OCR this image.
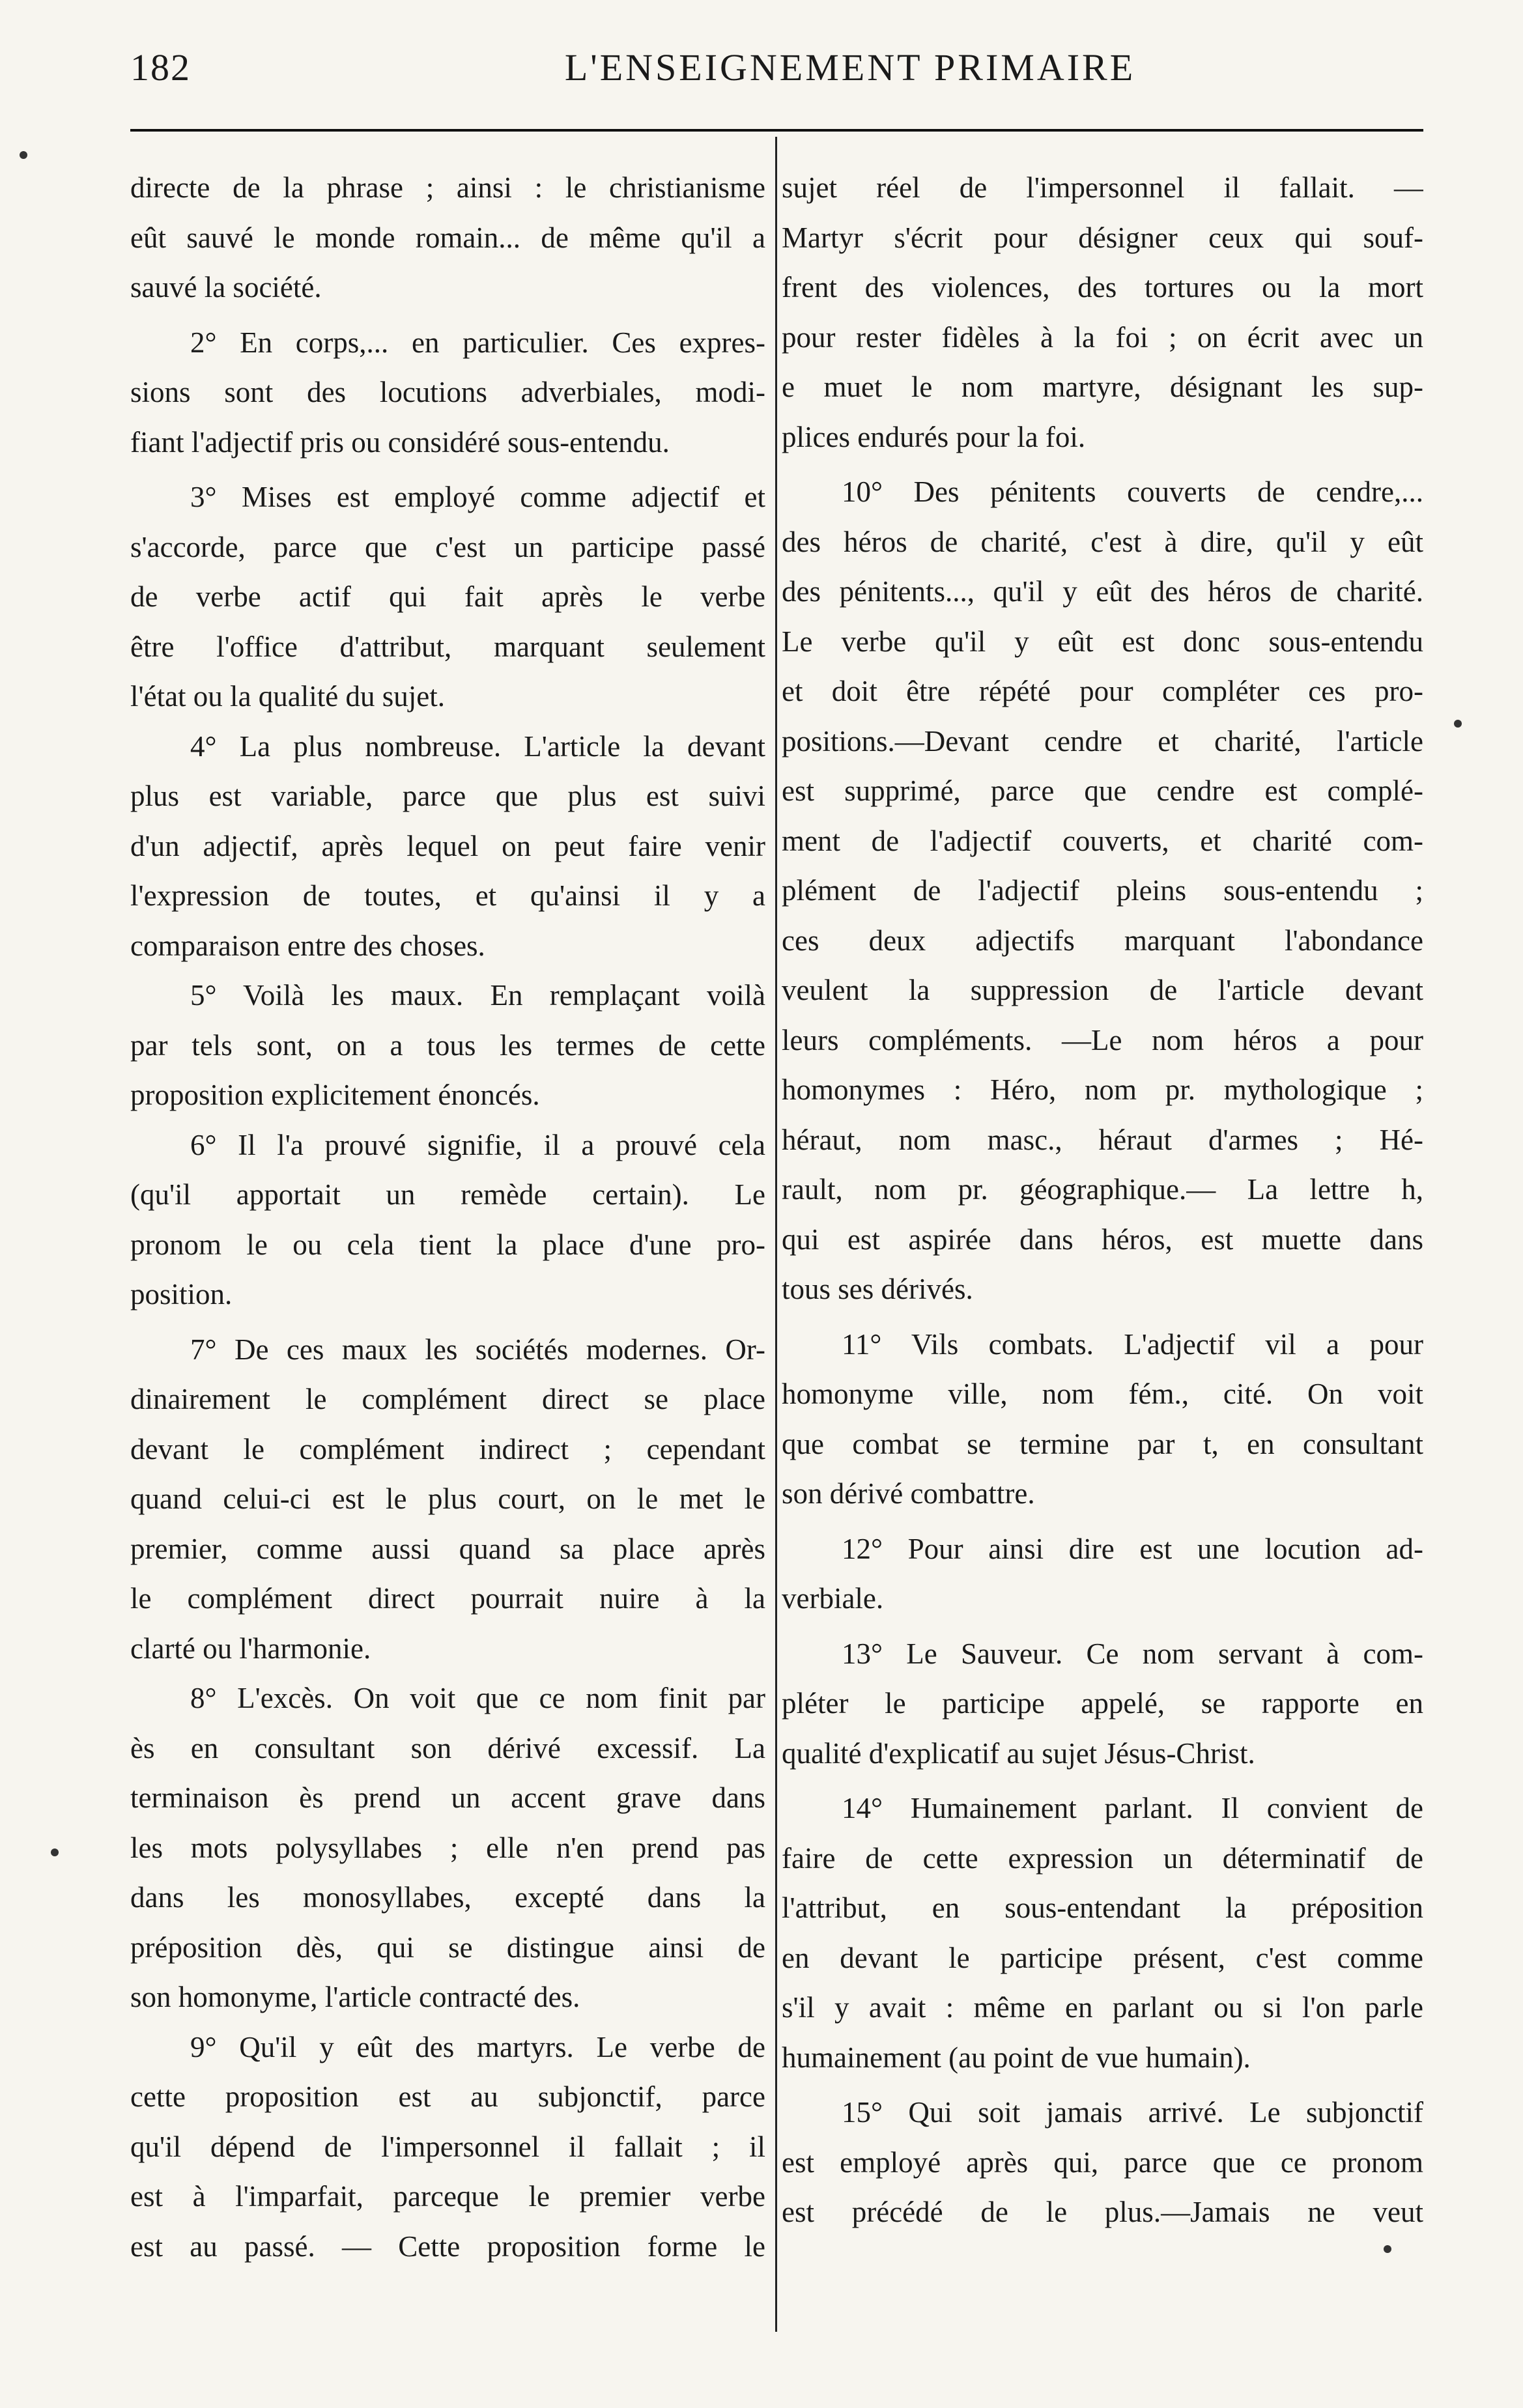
182	L'ENSEIGNEMENT PRIMAIRE
directe de la phrase ; ainsi : le christianisme
eût sauvé le monde romain... de même qu'il a
sauvé la société.
2° En corps,... en particulier. Ces expres-
sions sont des locutions adverbiales, modi-
fiant l'adjectif pris ou considéré sous-entendu.
3° Mises est employé comme adjectif et
s'accorde, parce que c'est un participe passé
de verbe actif qui fait après le verbe
être l'office d'attribut, marquant seulement
l'état ou la qualité du sujet.
4° La plus nombreuse. L'article la devant
plus est variable, parce que plus est suivi
d'un adjectif, après lequel on peut faire venir
l'expression de toutes, et qu'ainsi il y a
comparaison entre des choses.
5° Voilà les maux. En remplaçant voilà
par tels sont, on a tous les termes de cette
proposition explicitement énoncés.
6° Il l'a prouvé signifie, il a prouvé cela
(qu'il apportait un remède certain). Le
pronom le ou cela tient la place d'une pro-
position.
7° De ces maux les sociétés modernes. Or-
dinairement le complément direct se place
devant le complément indirect ; cependant
quand celui-ci est le plus court, on le met le
premier, comme aussi quand sa place après
le complément direct pourrait nuire à la
clarté ou l'harmonie.
8° L'excès. On voit que ce nom finit par
ès en consultant son dérivé excessif. La
terminaison ès prend un accent grave dans
les mots polysyllabes ; elle n'en prend pas
dans les monosyllabes, excepté dans la
préposition dès, qui se distingue ainsi de
son homonyme, l'article contracté des.
9° Qu'il y eût des martyrs. Le verbe de
cette proposition est au subjonctif, parce
qu'il dépend de l'impersonnel il fallait ; il
est à l'imparfait, parceque le premier verbe
est au passé. — Cette proposition forme le
sujet réel de l'impersonnel il fallait. —
Martyr s'écrit pour désigner ceux qui souf-
frent des violences, des tortures ou la mort
pour rester fidèles à la foi ; on écrit avec un
e muet le nom martyre, désignant les sup-
plices endurés pour la foi.
10° Des pénitents couverts de cendre,...
des héros de charité, c'est à dire, qu'il y eût
des pénitents..., qu'il y eût des héros de charité.
Le verbe qu'il y eût est donc sous-entendu
et doit être répété pour compléter ces pro-
positions.—Devant cendre et charité, l'article
est supprimé, parce que cendre est complé-
ment de l'adjectif couverts, et charité com-
plément de l'adjectif pleins sous-entendu ;
ces deux adjectifs marquant l'abondance
veulent la suppression de l'article devant
leurs compléments. —Le nom héros a pour
homonymes : Héro, nom pr. mythologique ;
héraut, nom masc., héraut d'armes ; Hé-
rault, nom pr. géographique.— La lettre h,
qui est aspirée dans héros, est muette dans
tous ses dérivés.
11° Vils combats. L'adjectif vil a pour
homonyme ville, nom fém., cité. On voit
que combat se termine par t, en consultant
son dérivé combattre.
12° Pour ainsi dire est une locution ad-
verbiale.
13° Le Sauveur. Ce nom servant à com-
pléter le participe appelé, se rapporte en
qualité d'explicatif au sujet Jésus-Christ.
14° Humainement parlant. Il convient de
faire de cette expression un déterminatif de
l'attribut, en sous-entendant la préposition
en devant le participe présent, c'est comme
s'il y avait : même en parlant ou si l'on parle
humainement (au point de vue humain).
15° Qui soit jamais arrivé. Le subjonctif
est employé après qui, parce que ce pronom
est précédé de le plus.—Jamais ne veut
